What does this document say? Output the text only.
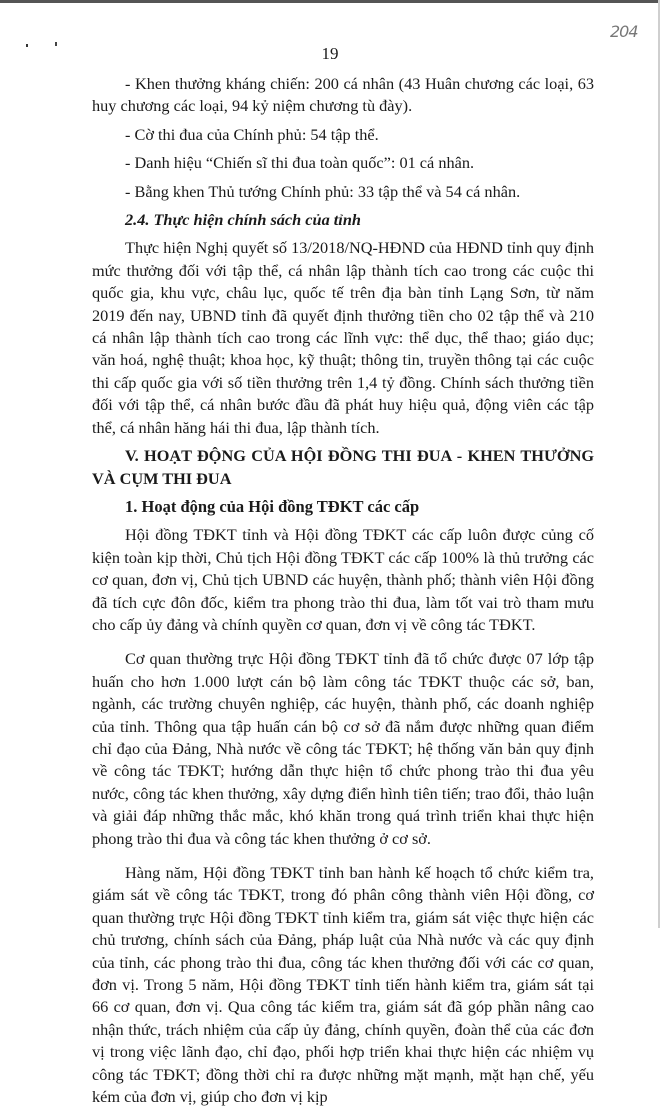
204
19

- Khen thưởng kháng chiến: 200 cá nhân (43 Huân chương các loại, 63 huy chương các loại, 94 kỷ niệm chương tù đày).

- Cờ thi đua của Chính phủ: 54 tập thể.

- Danh hiệu “Chiến sĩ thi đua toàn quốc”: 01 cá nhân.

- Bằng khen Thủ tướng Chính phủ: 33 tập thể và 54 cá nhân.

2.4. Thực hiện chính sách của tỉnh

Thực hiện Nghị quyết số 13/2018/NQ-HĐND của HĐND tỉnh quy định mức thưởng đối với tập thể, cá nhân lập thành tích cao trong các cuộc thi quốc gia, khu vực, châu lục, quốc tế trên địa bàn tỉnh Lạng Sơn, từ năm 2019 đến nay, UBND tỉnh đã quyết định thưởng tiền cho 02 tập thể và 210 cá nhân lập thành tích cao trong các lĩnh vực: thể dục, thể thao; giáo dục; văn hoá, nghệ thuật; khoa học, kỹ thuật; thông tin, truyền thông tại các cuộc thi cấp quốc gia với số tiền thưởng trên 1,4 tỷ đồng. Chính sách thưởng tiền đối với tập thể, cá nhân bước đầu đã phát huy hiệu quả, động viên các tập thể, cá nhân hăng hái thi đua, lập thành tích.

V. HOẠT ĐỘNG CỦA HỘI ĐỒNG THI ĐUA - KHEN THƯỞNG VÀ CỤM THI ĐUA

1. Hoạt động của Hội đồng TĐKT các cấp

Hội đồng TĐKT tỉnh và Hội đồng TĐKT các cấp luôn được củng cố kiện toàn kịp thời, Chủ tịch Hội đồng TĐKT các cấp 100% là thủ trưởng các cơ quan, đơn vị, Chủ tịch UBND các huyện, thành phố; thành viên Hội đồng đã tích cực đôn đốc, kiểm tra phong trào thi đua, làm tốt vai trò tham mưu cho cấp ủy đảng và chính quyền cơ quan, đơn vị về công tác TĐKT.

Cơ quan thường trực Hội đồng TĐKT tỉnh đã tổ chức được 07 lớp tập huấn cho hơn 1.000 lượt cán bộ làm công tác TĐKT thuộc các sở, ban, ngành, các trường chuyên nghiệp, các huyện, thành phố, các doanh nghiệp của tỉnh. Thông qua tập huấn cán bộ cơ sở đã nắm được những quan điểm chỉ đạo của Đảng, Nhà nước về công tác TĐKT; hệ thống văn bản quy định về công tác TĐKT; hướng dẫn thực hiện tổ chức phong trào thi đua yêu nước, công tác khen thưởng, xây dựng điển hình tiên tiến; trao đổi, thảo luận và giải đáp những thắc mắc, khó khăn trong quá trình triển khai thực hiện phong trào thi đua và công tác khen thưởng ở cơ sở.

Hàng năm, Hội đồng TĐKT tỉnh ban hành kế hoạch tổ chức kiểm tra, giám sát về công tác TĐKT, trong đó phân công thành viên Hội đồng, cơ quan thường trực Hội đồng TĐKT tỉnh kiểm tra, giám sát việc thực hiện các chủ trương, chính sách của Đảng, pháp luật của Nhà nước và các quy định của tỉnh, các phong trào thi đua, công tác khen thưởng đối với các cơ quan, đơn vị. Trong 5 năm, Hội đồng TĐKT tỉnh tiến hành kiểm tra, giám sát tại 66 cơ quan, đơn vị. Qua công tác kiểm tra, giám sát đã góp phần nâng cao nhận thức, trách nhiệm của cấp ủy đảng, chính quyền, đoàn thể của các đơn vị trong việc lãnh đạo, chỉ đạo, phối hợp triển khai thực hiện các nhiệm vụ công tác TĐKT; đồng thời chỉ ra được những mặt mạnh, mặt hạn chế, yếu kém của đơn vị, giúp cho đơn vị kịp
